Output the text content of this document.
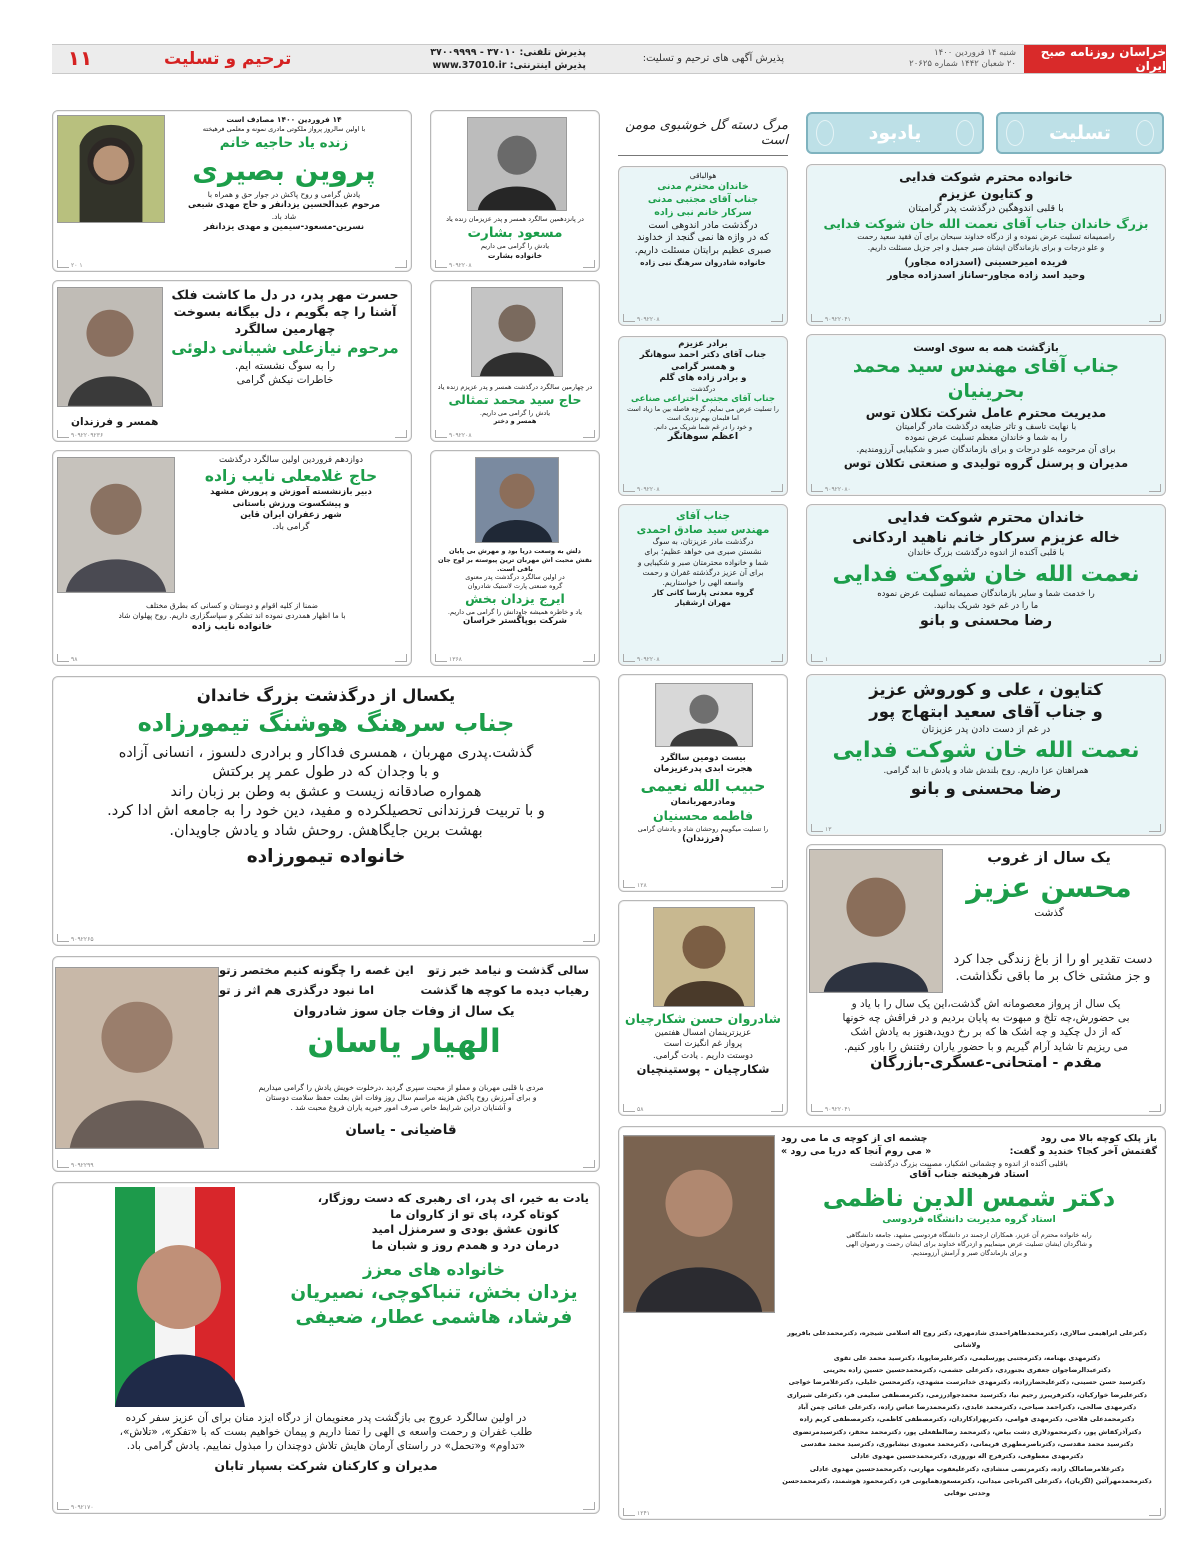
خراسان روزنامه صبح ایران
شنبه ۱۴ فروردین ۱۴۰۰
۲۰ شعبان ۱۴۴۲ شماره ۲۰۶۲۵
پذیرش آگهی های ترحیم و تسلیت:
پذیرش تلفنی: ۳۷۰۱۰ - ۳۷۰۰۹۹۹۹
پذیرش اینترنتی: www.37010.ir
ترحیم و تسلیت
۱۱
تسلیت
یادبود
مرگ دسته گل خوشبوی مومن است
خانواده محترم شوکت فدایی
و کتایون عزیزم
با قلبی اندوهگین درگذشت پدر گرامیتان
بزرگ خاندان جناب آقای نعمت الله خان شوکت فدایی
راصمیمانه تسلیت عرض نموده و از درگاه خداوند سبحان برای آن فقید سعید رحمت
و علو درجات و برای بازماندگان ایشان صبر جمیل و اجر جزیل مسئلت داریم.
فریده امیرحسینی (اسدزاده مجاور)
وحید اسد زاده مجاور-ساناز اسدزاده مجاور
۹۰۹۲۲۰۴۱
بازگشت همه به سوی اوست
جناب آقای مهندس سید محمد بحرینیان
مدیریت محترم عامل شرکت تکلان توس
با نهایت تاسف و تاثر ضایعه درگذشت مادر گرامیتان
را به شما و خاندان معظم تسلیت عرض نموده
برای آن مرحومه علو درجات و برای بازماندگان صبر و شکیبایی آرزومندیم.
مدیران و پرسنل گروه تولیدی و صنعتی تکلان توس
۹۰۹۲۲۰۸۰
خاندان محترم شوکت فدایی
خاله عزیزم سرکار خانم ناهید اردکانی
با قلبی آکنده از اندوه درگذشت بزرگ خاندان
نعمت الله خان شوکت فدایی
را خدمت شما و سایر بازماندگان صمیمانه تسلیت عرض نموده
ما را در غم خود شریک بدانید.
رضا محسنی و بانو
۱
کتایون ، علی و کوروش عزیز
و جناب آقای سعید ابتهاج پور
در غم از دست دادن پدر عزیزتان
نعمت الله خان شوکت فدایی
همراهتان عزا داریم. روح بلندش شاد و یادش تا ابد گرامی.
رضا محسنی و بانو
۱۳
یک سال از غروب
محسن عزیز
گذشت
دست تقدیر او را از باغ زندگی جدا کرد
و جز مشتی خاک بر ما باقی نگذاشت.
یک سال از پرواز معصومانه اش گذشت،این یک سال را با یاد و
بی حضورش،چه تلخ و مبهوت به پایان بردیم و در فراقش چه خونها
که از دل چکید و چه اشک ها که بر رخ دوید،هنوز به یادش اشک
می ریزیم تا شاید آرام گیریم و با حضور یاران رفتنش را باور کنیم.
مقدم - امتحانی-عسگری-بازرگان
۹۰۹۲۲۰۴۱
هوالباقی
خاندان محترم مدنی
جناب آقای مجتبی مدنی
سرکار خانم نبی زاده
درگذشت مادر اندوهی است
که در واژه ها نمی گنجد از خداوند
صبری عظیم برایتان مسئلت داریم.
خانواده شادروان سرهنگ نبی زاده
۹۰۹۲۲۰۸
برادر عزیزم
جناب آقای دکتر احمد سوهانگر
و همسر گرامی
و برادر زاده های گلم
درگذشت
جناب آقای مجتبی اختراعی صناعی
را تسلیت عرض می نمایم. گرچه فاصله بین ما زیاد است
اما قلبمان بهم نزدیک است
و خود را در غم شما شریک می دانم.
اعظم سوهانگر
۹۰۹۲۲۰۸
جناب آقای
مهندس سید صادق احمدی
درگذشت مادر عزیزتان، به سوگ
نشستن صبری می خواهد عظیم؛ برای
شما و خانواده محترمتان صبر و شکیبایی و
برای آن عزیز درگذشته غفران و رحمت
واسعه الهی را خواستاریم.
گروه معدنی پارسا کانی کار
مهران ارشقیار
۹۰۹۲۲۰۸
بیست دومین سالگرد
هجرت ابدی پدرعزیزمان
حبیب الله نعیمی
ومادرمهربانمان
فاطمه محسنیان
را تسلیت میگوییم روحشان شاد و یادشان گرامی
(فرزندان)
۱۲۸
شادروان حسن شکارچیان
عزیزترینمان امسال هفتمین
پرواز غم انگیزت است
دوستت داریم . یادت گرامی.
شکارچیان - پوستینچیان
۵۸
در پانزدهمین سالگرد همسر و پدر عزیزمان زنده یاد
مسعود بشارت
یادش را گرامی می داریم
خانواده بشارت
۹۰۹۲۲۰۸
در چهارمین سالگرد درگذشت همسر و پدر عزیزم زنده یاد
حاج سید محمد تمثالی
یادش را گرامی می داریم.
همسر و دختر
۹۰۹۲۲۰۸
دلش به وسعت دریا بود و مهرش بی پایان
نقش محبت اش مهربان ترین پیوسته بر لوح جان باقی است.
در اولین سالگرد درگذشت پدر معنوی
گروه صنعتی پارت لاستیک شادروان
ایرج یزدان بخش
یاد و خاطره همیشه جاودانش را گرامی می داریم.
شرکت بوپاگستر خراسان
۱۳۶۸
۱۴ فروردین ۱۴۰۰ مصادف است
با اولین سالروز پرواز ملکوتی مادری نمونه و معلمی فرهیخته
زنده یاد حاجیه خانم
پروین بصیری
یادش گرامی و روح پاکش در جوار حق و همراه با
مرحوم عبدالحسین یزدانفر و حاج مهدی شبعی
شاد باد.
نسرین-مسعود-سیمین و مهدی یزدانفر
۲۰ ۱
حسرت مهر پدر، در دل ما کاشت فلک
آشنا را چه بگویم ، دل بیگانه بسوخت
چهارمین سالگرد
مرحوم نیازعلی شیبانی دلوئی
را به سوگ نشسته ایم.
خاطرات نیکش گرامی
همسر و فرزندان
۹۰۹۲۲۰۹۲۳۶
دوازدهم فروردین اولین سالگرد درگذشت
حاج غلامعلی نایب زاده
دبیر بازنشسته آموزش و پرورش مشهد
و پیشکسوت ورزش باستانی
شهر زعفران ایران قاین
گرامی باد.
ضمنا از کلیه اقوام و دوستان و کسانی که بطرق مختلف
با ما اظهار همدردی نموده اند تشکر و سپاسگزاری داریم. روح پهلوان شاد
خانواده نایب زاده
۹۸
یکسال از درگذشت بزرگ خاندان
جناب سرهنگ هوشنگ تیمورزاده
گذشت.پدری مهربان ، همسری فداکار و برادری دلسوز ، انسانی آزاده
و با وجدان که در طول عمر پر برکتش
همواره صادقانه زیست و عشق به وطن بر زبان راند
و با تربیت فرزندانی تحصیلکرده و مفید، دین خود را به جامعه اش ادا کرد.
بهشت برین جایگاهش. روحش شاد و یادش جاویدان.
خانواده تیمورزاده
۹۰۹۲۲۶۵
سالی گذشت و نیامد خبر زتو
این غصه را چگونه کنیم مختصر زتو
رهیاب دیده ما کوچه ها گذشت
اما نبود درگذری هم اثر ز تو
یک سال از وفات جان سوز شادروان
الهیار یاسان
مردی با قلبی مهربان و مملو از محبت سپری گردید ،درخلوت خویش یادش را گرامی میداریم
و برای آمرزش روح پاکش هزینه مراسم سال روز وفات اش بعلت حفظ سلامت دوستان
و آشنایان دراین شرایط خاص صرف امور خیریه یاران فروغ محبت شد .
قاضیانی - یاسان
۹۰۹۲۲۹۹
یادت به خیر، ای پدر، ای رهبری که دست روزگار،
کوتاه کرد، پای تو از کاروان ما
کانون عشق بودی و سرمنزل امید
درمان درد و همدم روز و شبان ما
خانواده های معزز
یزدان بخش، تنباکوچی، نصیریان
فرشاد، هاشمی عطار، ضعیفی
در اولین سالگرد عروج بی بازگشت پدر معنویمان از درگاه ایزد منان برای آن عزیز سفر کرده
طلب غفران و رحمت واسعه ی الهی را تمنا داریم و پیمان خواهیم بست که با «تفکر»، «تلاش»،
«تداوم» و«تحمل» در راستای آرمان هایش تلاش دوچندان را مبذول نماییم. یادش گرامی باد.
مدیران و کارکنان شرکت بسپار تابان
۹۰۹۲۱۷۰
باز پلک کوچه بالا می رود
چشمه ای از کوچه ی ما می رود
گفتمش آخر کجا؟ خندید و گفت:
« می روم آنجا که دریا می رود »
باقلبی آکنده از اندوه و چشمانی اشکبار، مصیبت بزرگ درگذشت
استاد فرهیخته جناب آقای
دکتر شمس الدین ناظمی
استاد گروه مدیریت دانشگاه فردوسی
رابه خانواده محترم آن عزیز، همکاران ارجمند در دانشگاه فردوسی مشهد، جامعه دانشگاهی
و شاگردان ایشان تسلیت عرض مینماییم و ازدرگاه خداوند برای ایشان رحمت و رضوان الهی
و برای بازماندگان صبر و آرامش آرزومندیم.
دکترعلی ابراهیمی سالاری، دکترمحمدطاهراحمدی شادمهری، دکتر روح اله اسلامی شیجره، دکترمحمدعلی باقرپور ولاشانی
دکترمهدی بهنامه، دکترمجتبی پورسلیمی، دکترعلیرضاپویا، دکترسید محمد علی تقوی
دکترعبدالرضاجوان جعفری بجنوردی، دکترعلی جشمی، دکترمحمدحسین حسین زاده بحرینی
دکترسید حسن حسینی، دکترعلیحضارزاده، دکترمهدی خدابرست مشهدی، دکترمحسن خلیلی، دکترغلامرضا خواجی
دکترعلیرضا خوارکیان، دکترفریبرز رحیم نیا، دکترسید محمدجوادرزمی، دکترمصطفی سلیمی فر، دکترعلی شیرازی
دکترمهدی صالحی، دکتراحمد صیاحی، دکترمحمد عابدی، دکترمحمدرضا عباس زاده، دکترعلی غنائی چمن آباد
دکترمحمدعلی فلاحی، دکترمهدی قوامی، دکتربهزادکاردان، دکترمصطفی کاظمی، دکترمصطفی کریم زاده
دکترآذرکفاش پور، دکترمحمودلاری دشت بیاض، دکترمحمد رضالطفعلی پور، دکترمحمد محقر، دکترسیدمرتضوی
دکترسید محمد مقدسی، دکترناصرمطهری فریمانی، دکترمحمد معبودی نیشابوری، دکترسید محمد مقدسی
دکترمهدی معطوفی، دکترفرج اله نوروزی، دکترمحمدحسین مهدوی عادلی
دکترغلامرضامالک زاده، دکترمرتضی منشادی، دکترعلیعقوب مهارتی، دکترمحمدحسین مهدوی عادلی
دکترمحمدمهرآئین (لگزیان)، دکترعلی اکبرناجی میدانی، دکترمسعودهمایونی فر، دکترمحمود هوشمند، دکترمحمدحسن وحدتی نوقابی
۱۲۴۱
